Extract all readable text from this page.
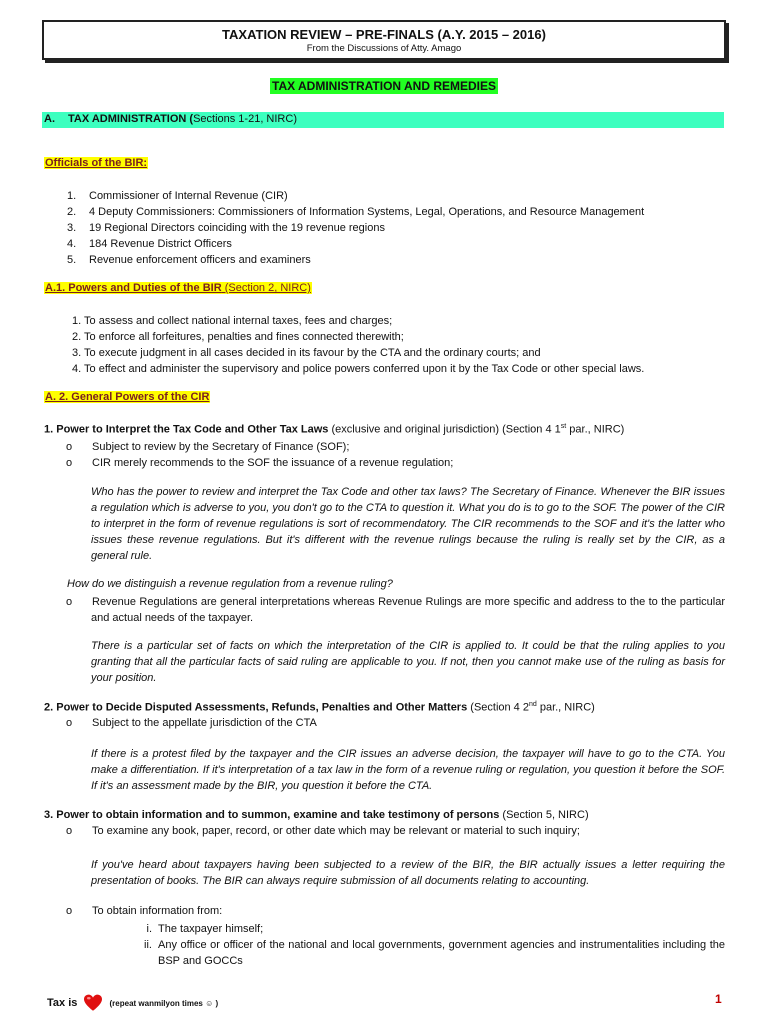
TAXATION REVIEW – PRE-FINALS (A.Y. 2015 – 2016)
From the Discussions of Atty. Amago
TAX ADMINISTRATION AND REMEDIES
A. TAX ADMINISTRATION (Sections 1-21, NIRC)
Officials of the BIR:
1. Commissioner of Internal Revenue (CIR)
2. 4 Deputy Commissioners: Commissioners of Information Systems, Legal, Operations, and Resource Management
3. 19 Regional Directors coinciding with the 19 revenue regions
4. 184 Revenue District Officers
5. Revenue enforcement officers and examiners
A.1. Powers and Duties of the BIR (Section 2, NIRC)
1. To assess and collect national internal taxes, fees and charges;
2. To enforce all forfeitures, penalties and fines connected therewith;
3. To execute judgment in all cases decided in its favour by the CTA and the ordinary courts; and
4. To effect and administer the supervisory and police powers conferred upon it by the Tax Code or other special laws.
A. 2. General Powers of the CIR
1. Power to Interpret the Tax Code and Other Tax Laws (exclusive and original jurisdiction) (Section 4 1st par., NIRC)
o Subject to review by the Secretary of Finance (SOF);
o CIR merely recommends to the SOF the issuance of a revenue regulation;
Who has the power to review and interpret the Tax Code and other tax laws? The Secretary of Finance. Whenever the BIR issues a regulation which is adverse to you, you don't go to the CTA to question it. What you do is to go to the SOF. The power of the CIR to interpret in the form of revenue regulations is sort of recommendatory. The CIR recommends to the SOF and it's the latter who issues these revenue regulations. But it's different with the revenue rulings because the ruling is really set by the CIR, as a general rule.
How do we distinguish a revenue regulation from a revenue ruling?
o	Revenue Regulations are general interpretations whereas Revenue Rulings are more specific and address to the to the particular and actual needs of the taxpayer.
There is a particular set of facts on which the interpretation of the CIR is applied to. It could be that the ruling applies to you granting that all the particular facts of said ruling are applicable to you. If not, then you cannot make use of the ruling as basis for your position.
2. Power to Decide Disputed Assessments, Refunds, Penalties and Other Matters (Section 4 2nd par., NIRC)
o Subject to the appellate jurisdiction of the CTA
If there is a protest filed by the taxpayer and the CIR issues an adverse decision, the taxpayer will have to go to the CTA. You make a differentiation. If it's interpretation of a tax law in the form of a revenue ruling or regulation, you question it before the SOF. If it's an assessment made by the BIR, you question it before the CTA.
3. Power to obtain information and to summon, examine and take testimony of persons (Section 5, NIRC)
o To examine any book, paper, record, or other date which may be relevant or material to such inquiry;
If you've heard about taxpayers having been subjected to a review of the BIR, the BIR actually issues a letter requiring the presentation of books. The BIR can always require submission of all documents relating to accounting.
o To obtain information from:
i. The taxpayer himself;
ii. Any office or officer of the national and local governments, government agencies and instrumentalities including the BSP and GOCCs
Tax is	(repeat wanmilyon times ☺ )	1
